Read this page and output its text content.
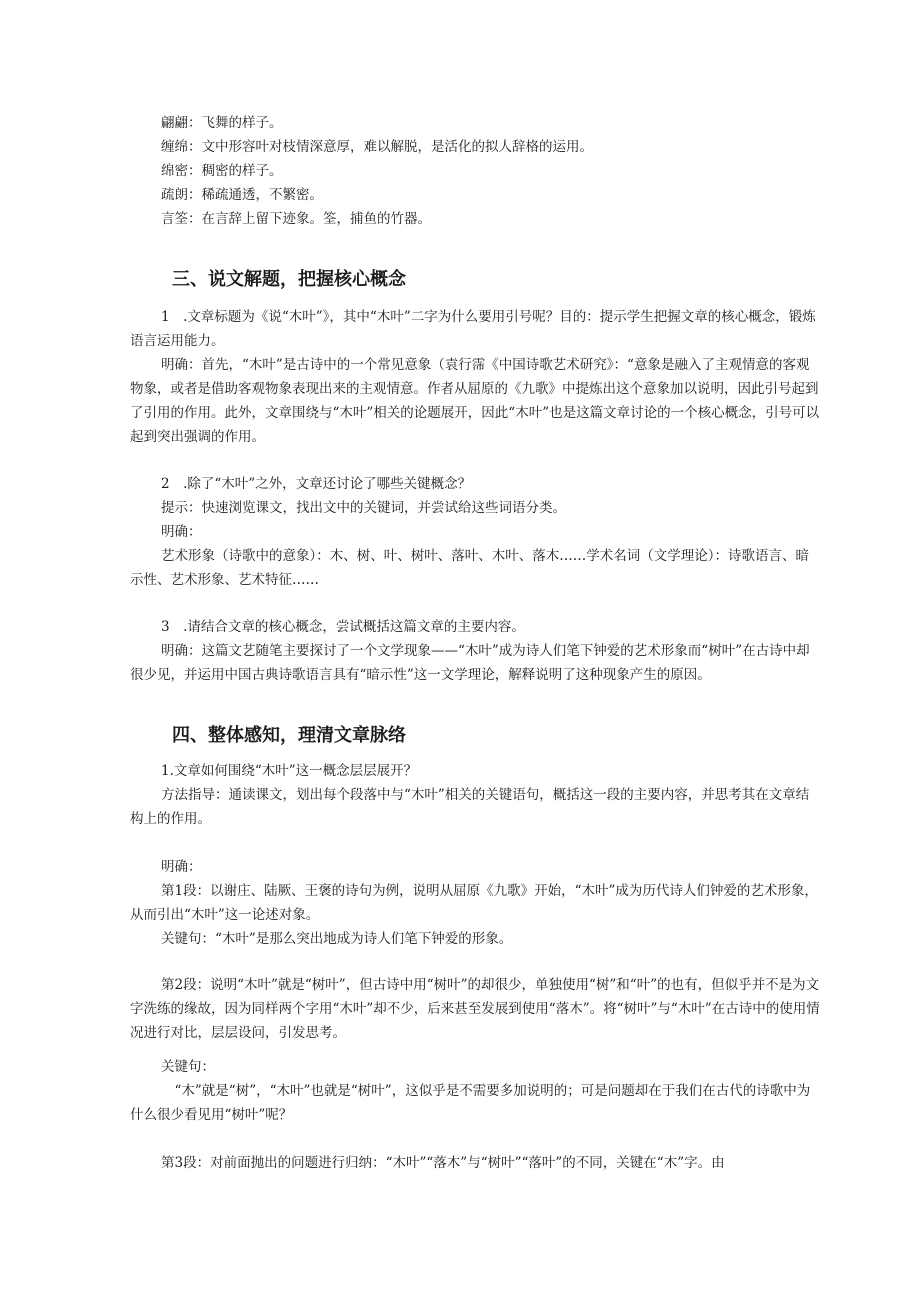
翩翩：飞舞的样子。

缠绵：文中形容叶对枝情深意厚，难以解脱，是活化的拟人辞格的运用。

绵密：稠密的样子。

疏朗：稀疏通透，不繁密。

言筌：在言辞上留下迹象。筌，捕鱼的竹器。

三、说文解题，把握核心概念

1　.文章标题为《说“木叶”》，其中“木叶”二字为什么要用引号呢？目的：提示学生把握文章的核心概念，锻炼语言运用能力。

明确：首先，“木叶”是古诗中的一个常见意象（袁行霈《中国诗歌艺术研究》：“意象是融入了主观情意的客观物象，或者是借助客观物象表现出来的主观情意。作者从屈原的《九歌》中提炼出这个意象加以说明，因此引号起到了引用的作用。此外，文章围绕与“木叶”相关的论题展开，因此“木叶”也是这篇文章讨论的一个核心概念，引号可以起到突出强调的作用。

2　.除了“木叶”之外，文章还讨论了哪些关键概念？

提示：快速浏览课文，找出文中的关键词，并尝试给这些词语分类。

明确：

艺术形象（诗歌中的意象）：木、树、叶、树叶、落叶、木叶、落木……学术名词（文学理论）：诗歌语言、暗示性、艺术形象、艺术特征……

3　.请结合文章的核心概念，尝试概括这篇文章的主要内容。

明确：这篇文艺随笔主要探讨了一个文学现象——“木叶”成为诗人们笔下钟爱的艺术形象而“树叶”在古诗中却很少见，并运用中国古典诗歌语言具有“暗示性”这一文学理论，解释说明了这种现象产生的原因。

四、整体感知，理清文章脉络

1.文章如何围绕“木叶”这一概念层层展开？

方法指导：通读课文，划出每个段落中与“木叶”相关的关键语句，概括这一段的主要内容，并思考其在文章结构上的作用。

明确：

第1段：以谢庄、陆厥、王褒的诗句为例，说明从屈原《九歌》开始，“木叶”成为历代诗人们钟爱的艺术形象，从而引出“木叶”这一论述对象。

关键句：“木叶”是那么突出地成为诗人们笔下钟爱的形象。

第2段：说明“木叶”就是“树叶”，但古诗中用“树叶”的却很少，单独使用“树”和“叶”的也有，但似乎并不是为文字洗练的缘故，因为同样两个字用“木叶”却不少，后来甚至发展到使用“落木”。将“树叶”与“木叶”在古诗中的使用情况进行对比，层层设问，引发思考。

关键句：

　“木”就是“树”，“木叶”也就是“树叶”，这似乎是不需要多加说明的；可是问题却在于我们在古代的诗歌中为什么很少看见用“树叶”呢？

第3段：对前面抛出的问题进行归纳：“木叶”“落木”与“树叶”“落叶”的不同，关键在“木”字。由
